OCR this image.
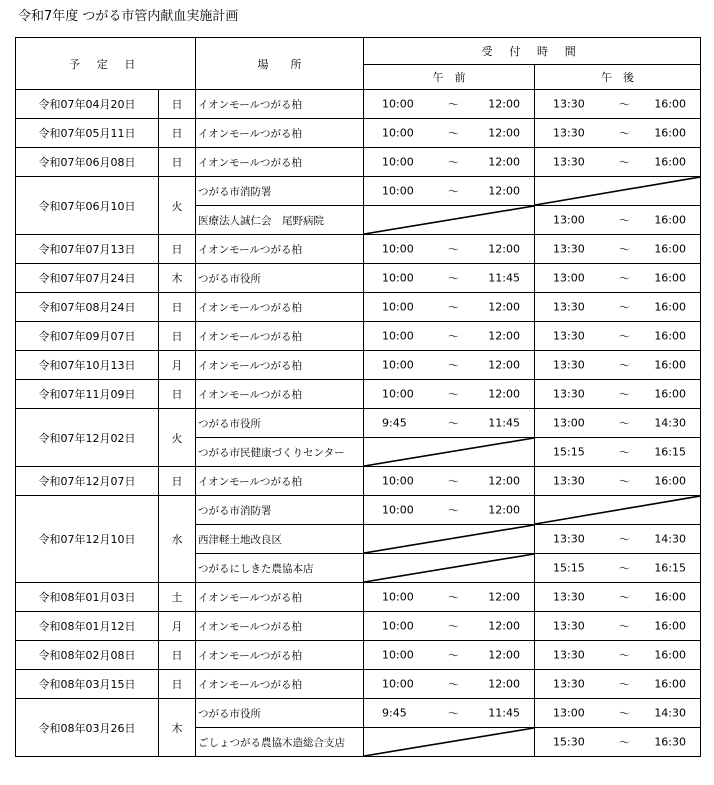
令和7年度 つがる市管内献血実施計画
予 定 日		場　　所	受 付 時 間	
			午　前	午　後
令和07年04月20日	日	イオンモールつがる柏	10:00 ～ 12:00	13:30 ～ 16:00

令和07年05月11日	日	イオンモールつがる柏	10:00 ～ 12:00	13:30 ～ 16:00

令和07年06月08日	日	イオンモールつがる柏	10:00 ～ 12:00	13:30 ～ 16:00

令和07年06月10日	火	つがる市消防署	10:00 ～ 12:00

		医療法人誠仁会　尾野病院		13:00 ～ 16:00

令和07年07月13日	日	イオンモールつがる柏	10:00 ～ 12:00	13:30 ～ 16:00

令和07年07月24日	木	つがる市役所	10:00 ～ 11:45	13:00 ～ 16:00

令和07年08月24日	日	イオンモールつがる柏	10:00 ～ 12:00	13:30 ～ 16:00

令和07年09月07日	日	イオンモールつがる柏	10:00 ～ 12:00	13:30 ～ 16:00

令和07年10月13日	月	イオンモールつがる柏	10:00 ～ 12:00	13:30 ～ 16:00

令和07年11月09日	日	イオンモールつがる柏	10:00 ～ 12:00	13:30 ～ 16:00

令和07年12月02日	火	つがる市役所	9:45 ～ 11:45	13:00 ～ 14:30

		つがる市民健康づくりセンター		15:15 ～ 16:15

令和07年12月07日	日	イオンモールつがる柏	10:00 ～ 12:00	13:30 ～ 16:00

令和07年12月10日	水	つがる市消防署	10:00 ～ 12:00

		西津軽土地改良区		13:30 ～ 14:30

		つがるにしきた農協本店		15:15 ～ 16:15

令和08年01月03日	土	イオンモールつがる柏	10:00 ～ 12:00	13:30 ～ 16:00

令和08年01月12日	月	イオンモールつがる柏	10:00 ～ 12:00	13:30 ～ 16:00

令和08年02月08日	日	イオンモールつがる柏	10:00 ～ 12:00	13:30 ～ 16:00

令和08年03月15日	日	イオンモールつがる柏	10:00 ～ 12:00	13:30 ～ 16:00

令和08年03月26日	木	つがる市役所	9:45 ～ 11:45	13:00 ～ 14:30

		ごしょつがる農協木造総合支店		15:30 ～ 16:30
